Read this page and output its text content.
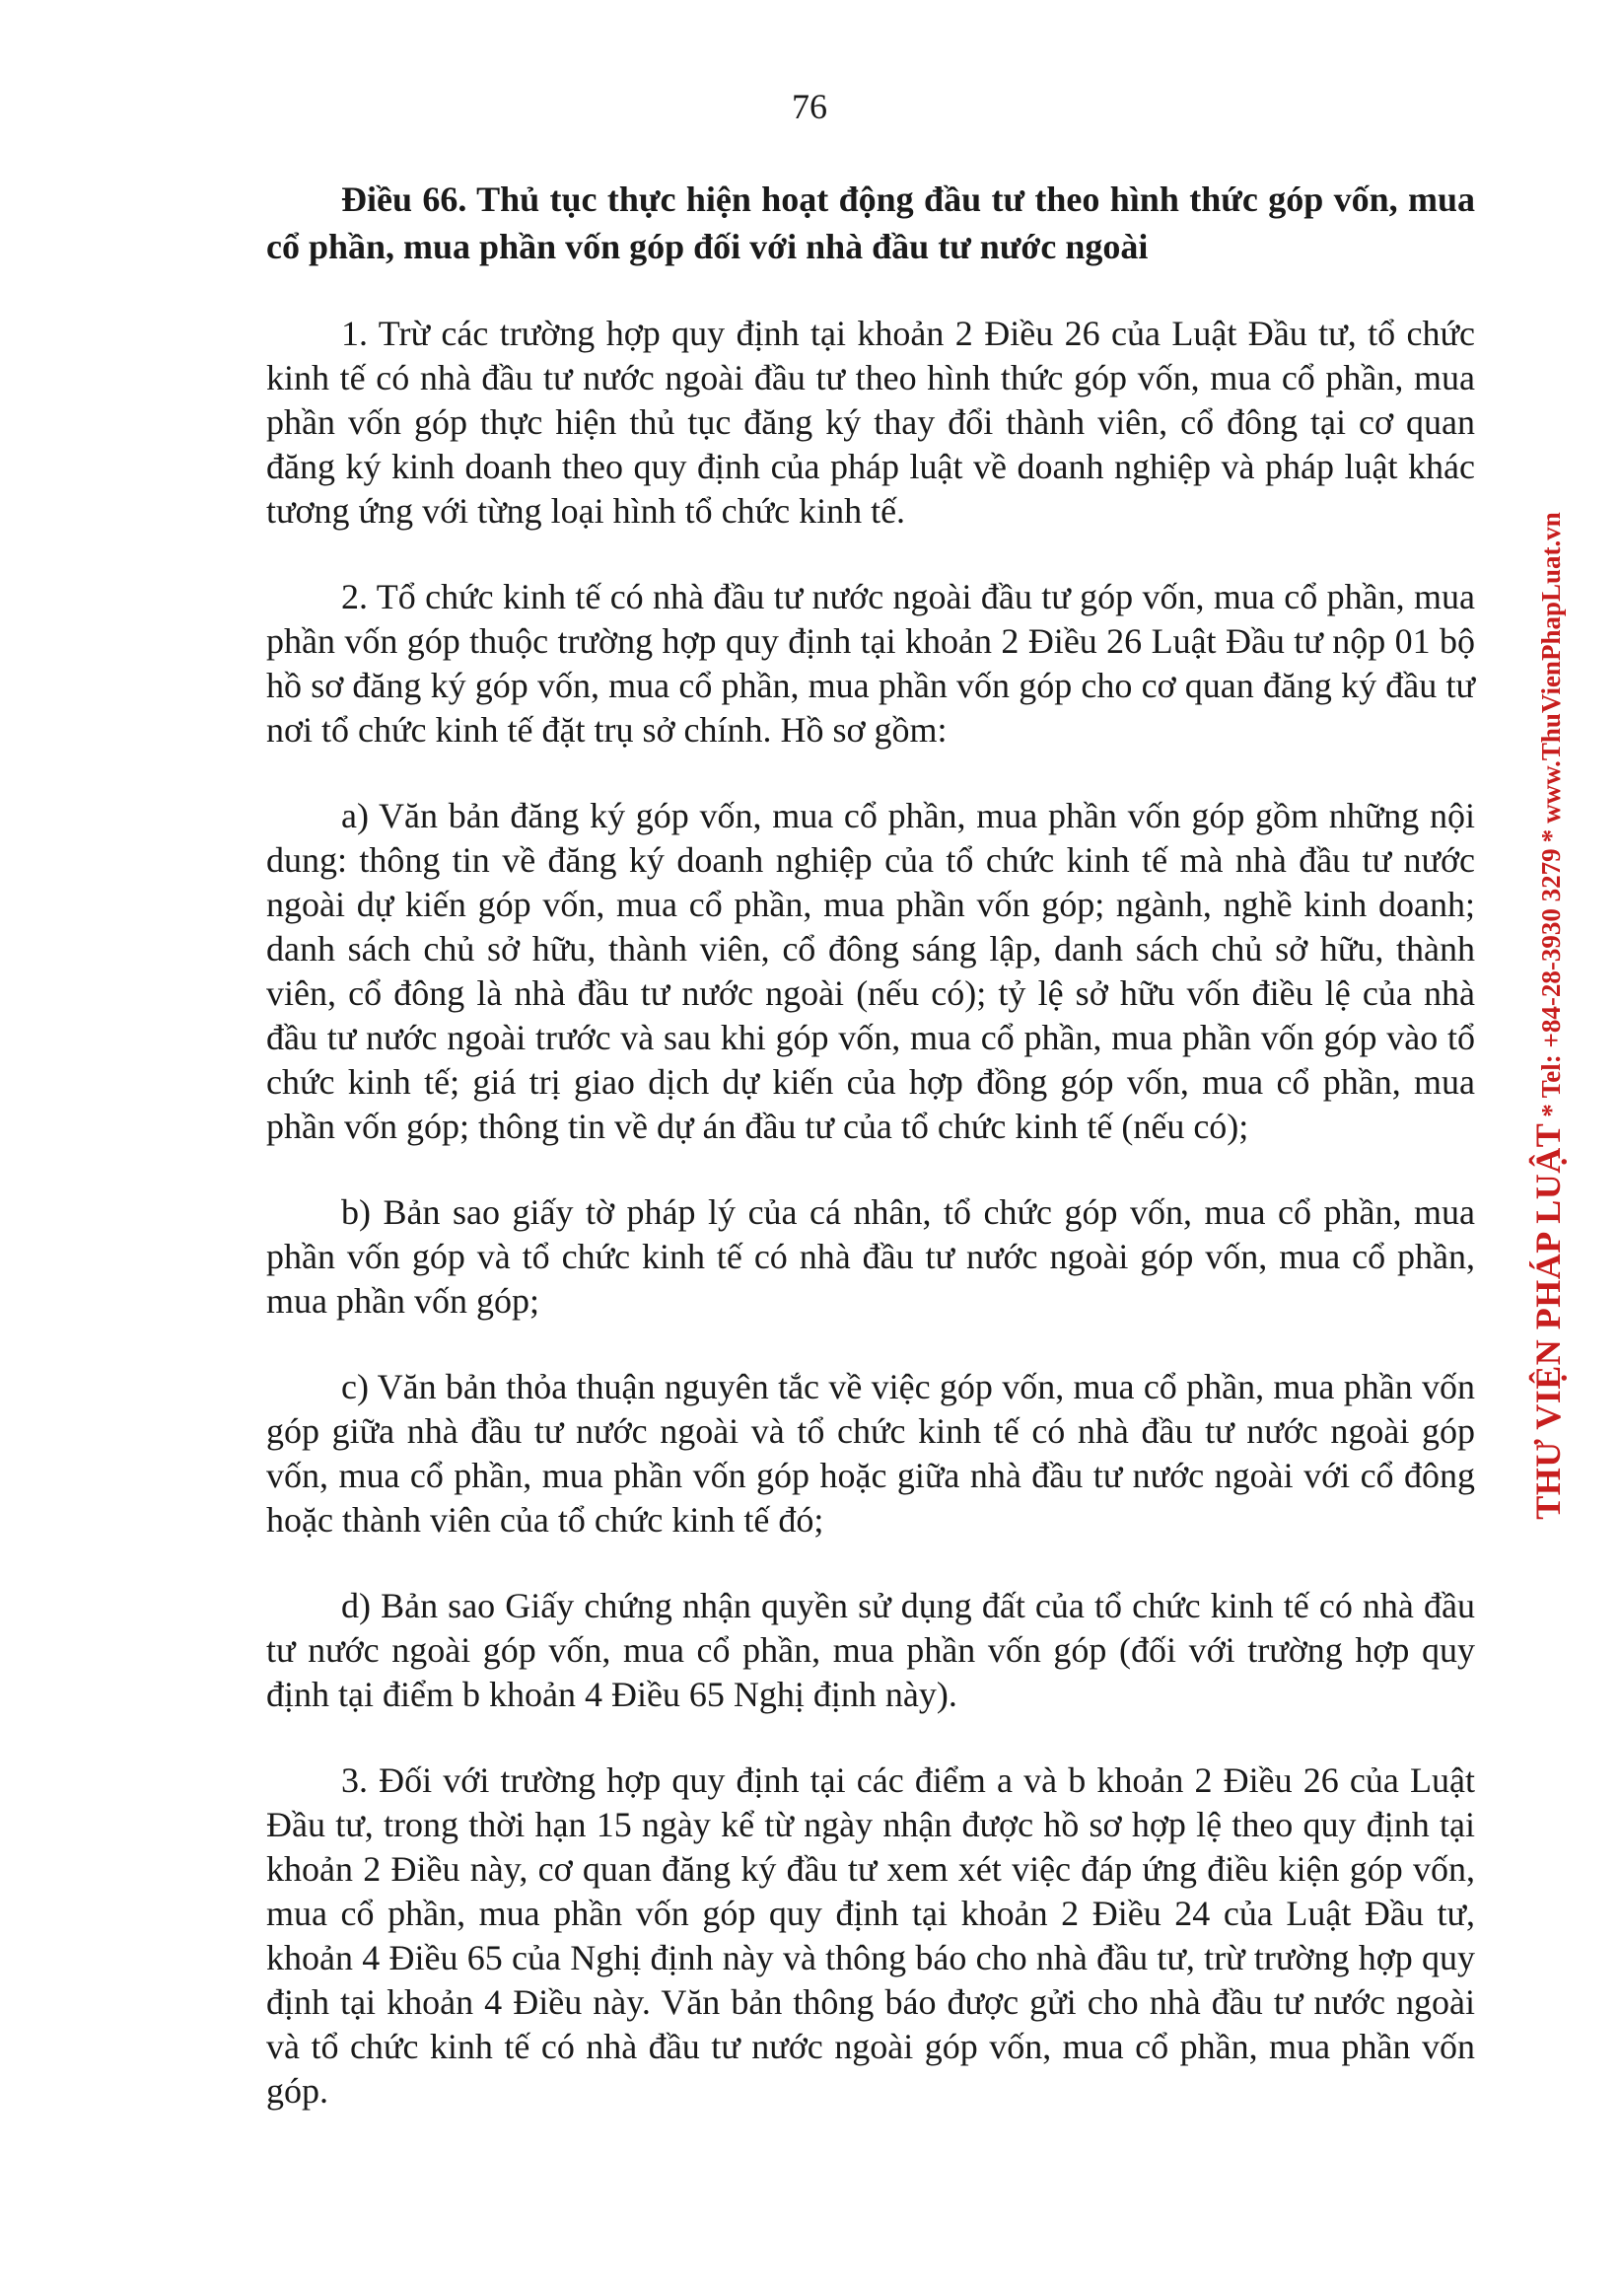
76

Điều 66. Thủ tục thực hiện hoạt động đầu tư theo hình thức góp vốn, mua cổ phần, mua phần vốn góp đối với nhà đầu tư nước ngoài

1. Trừ các trường hợp quy định tại khoản 2 Điều 26 của Luật Đầu tư, tổ chức kinh tế có nhà đầu tư nước ngoài đầu tư theo hình thức góp vốn, mua cổ phần, mua phần vốn góp thực hiện thủ tục đăng ký thay đổi thành viên, cổ đông tại cơ quan đăng ký kinh doanh theo quy định của pháp luật về doanh nghiệp và pháp luật khác tương ứng với từng loại hình tổ chức kinh tế.

2. Tổ chức kinh tế có nhà đầu tư nước ngoài đầu tư góp vốn, mua cổ phần, mua phần vốn góp thuộc trường hợp quy định tại khoản 2 Điều 26 Luật Đầu tư nộp 01 bộ hồ sơ đăng ký góp vốn, mua cổ phần, mua phần vốn góp cho cơ quan đăng ký đầu tư nơi tổ chức kinh tế đặt trụ sở chính. Hồ sơ gồm:

a) Văn bản đăng ký góp vốn, mua cổ phần, mua phần vốn góp gồm những nội dung: thông tin về đăng ký doanh nghiệp của tổ chức kinh tế mà nhà đầu tư nước ngoài dự kiến góp vốn, mua cổ phần, mua phần vốn góp; ngành, nghề kinh doanh; danh sách chủ sở hữu, thành viên, cổ đông sáng lập, danh sách chủ sở hữu, thành viên, cổ đông là nhà đầu tư nước ngoài (nếu có); tỷ lệ sở hữu vốn điều lệ của nhà đầu tư nước ngoài trước và sau khi góp vốn, mua cổ phần, mua phần vốn góp vào tổ chức kinh tế; giá trị giao dịch dự kiến của hợp đồng góp vốn, mua cổ phần, mua phần vốn góp; thông tin về dự án đầu tư của tổ chức kinh tế (nếu có);

b) Bản sao giấy tờ pháp lý của cá nhân, tổ chức góp vốn, mua cổ phần, mua phần vốn góp và tổ chức kinh tế có nhà đầu tư nước ngoài góp vốn, mua cổ phần, mua phần vốn góp;

c) Văn bản thỏa thuận nguyên tắc về việc góp vốn, mua cổ phần, mua phần vốn góp giữa nhà đầu tư nước ngoài và tổ chức kinh tế có nhà đầu tư nước ngoài góp vốn, mua cổ phần, mua phần vốn góp hoặc giữa nhà đầu tư nước ngoài với cổ đông hoặc thành viên của tổ chức kinh tế đó;

d) Bản sao Giấy chứng nhận quyền sử dụng đất của tổ chức kinh tế có nhà đầu tư nước ngoài góp vốn, mua cổ phần, mua phần vốn góp (đối với trường hợp quy định tại điểm b khoản 4 Điều 65 Nghị định này).

3. Đối với trường hợp quy định tại các điểm a và b khoản 2 Điều 26 của Luật Đầu tư, trong thời hạn 15 ngày kể từ ngày nhận được hồ sơ hợp lệ theo quy định tại khoản 2 Điều này, cơ quan đăng ký đầu tư xem xét việc đáp ứng điều kiện góp vốn, mua cổ phần, mua phần vốn góp quy định tại khoản 2 Điều 24 của Luật Đầu tư, khoản 4 Điều 65 của Nghị định này và thông báo cho nhà đầu tư, trừ trường hợp quy định tại khoản 4 Điều này. Văn bản thông báo được gửi cho nhà đầu tư nước ngoài và tổ chức kinh tế có nhà đầu tư nước ngoài góp vốn, mua cổ phần, mua phần vốn góp.

THƯ VIỆN PHÁP LUẬT*Tel: +84-28-3930 3279*www.ThuVienPhapLuat.vn
